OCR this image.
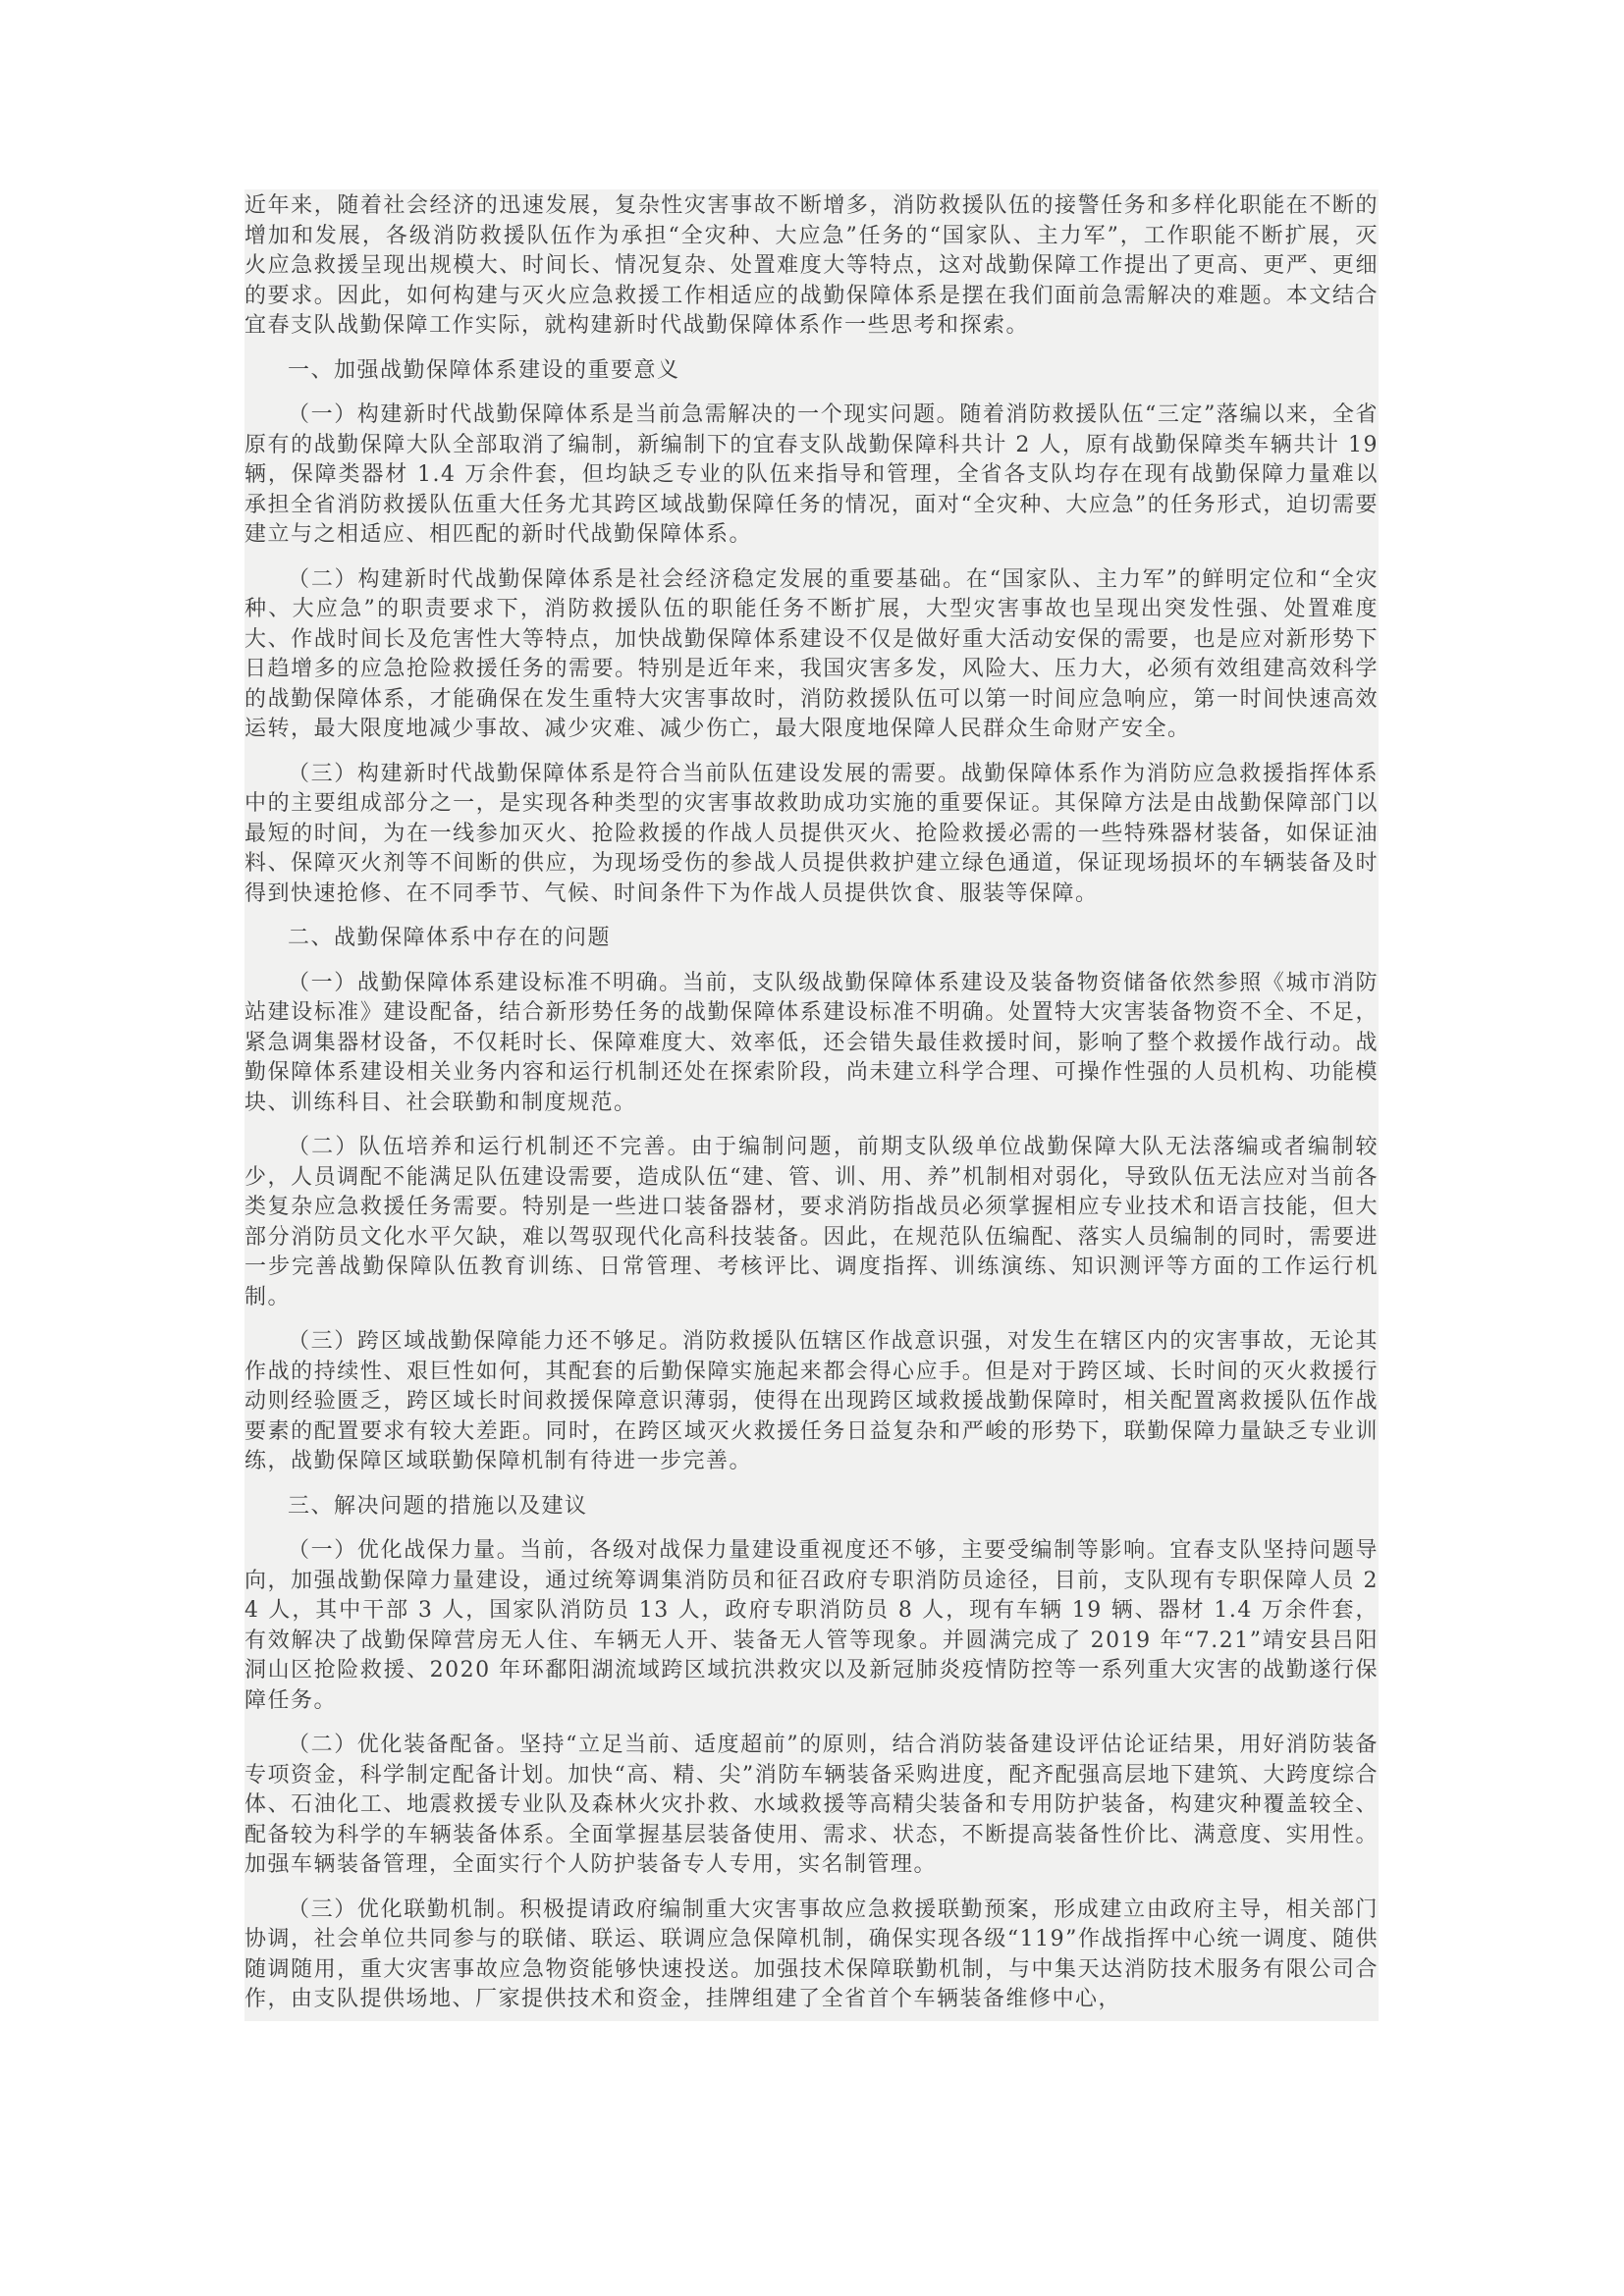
近年来，随着社会经济的迅速发展，复杂性灾害事故不断增多，消防救援队伍的接警任务和多样化职能在不断的增加和发展，各级消防救援队伍作为承担“全灾种、大应急”任务的“国家队、主力军”，工作职能不断扩展，灭火应急救援呈现出规模大、时间长、情况复杂、处置难度大等特点，这对战勤保障工作提出了更高、更严、更细的要求。因此，如何构建与灭火应急救援工作相适应的战勤保障体系是摆在我们面前急需解决的难题。本文结合宜春支队战勤保障工作实际，就构建新时代战勤保障体系作一些思考和探索。

一、加强战勤保障体系建设的重要意义

（一）构建新时代战勤保障体系是当前急需解决的一个现实问题。随着消防救援队伍“三定”落编以来，全省原有的战勤保障大队全部取消了编制，新编制下的宜春支队战勤保障科共计 2 人，原有战勤保障类车辆共计 19 辆，保障类器材 1.4 万余件套，但均缺乏专业的队伍来指导和管理，全省各支队均存在现有战勤保障力量难以承担全省消防救援队伍重大任务尤其跨区域战勤保障任务的情况，面对“全灾种、大应急”的任务形式，迫切需要建立与之相适应、相匹配的新时代战勤保障体系。

（二）构建新时代战勤保障体系是社会经济稳定发展的重要基础。在“国家队、主力军”的鲜明定位和“全灾种、大应急”的职责要求下，消防救援队伍的职能任务不断扩展，大型灾害事故也呈现出突发性强、处置难度大、作战时间长及危害性大等特点，加快战勤保障体系建设不仅是做好重大活动安保的需要，也是应对新形势下日趋增多的应急抢险救援任务的需要。特别是近年来，我国灾害多发，风险大、压力大，必须有效组建高效科学的战勤保障体系，才能确保在发生重特大灾害事故时，消防救援队伍可以第一时间应急响应，第一时间快速高效运转，最大限度地减少事故、减少灾难、减少伤亡，最大限度地保障人民群众生命财产安全。

（三）构建新时代战勤保障体系是符合当前队伍建设发展的需要。战勤保障体系作为消防应急救援指挥体系中的主要组成部分之一，是实现各种类型的灾害事故救助成功实施的重要保证。其保障方法是由战勤保障部门以最短的时间，为在一线参加灭火、抢险救援的作战人员提供灭火、抢险救援必需的一些特殊器材装备，如保证油料、保障灭火剂等不间断的供应，为现场受伤的参战人员提供救护建立绿色通道，保证现场损坏的车辆装备及时得到快速抢修、在不同季节、气候、时间条件下为作战人员提供饮食、服装等保障。

二、战勤保障体系中存在的问题

（一）战勤保障体系建设标准不明确。当前，支队级战勤保障体系建设及装备物资储备依然参照《城市消防站建设标准》建设配备，结合新形势任务的战勤保障体系建设标准不明确。处置特大灾害装备物资不全、不足，紧急调集器材设备，不仅耗时长、保障难度大、效率低，还会错失最佳救援时间，影响了整个救援作战行动。战勤保障体系建设相关业务内容和运行机制还处在探索阶段，尚未建立科学合理、可操作性强的人员机构、功能模块、训练科目、社会联勤和制度规范。

（二）队伍培养和运行机制还不完善。由于编制问题，前期支队级单位战勤保障大队无法落编或者编制较少，人员调配不能满足队伍建设需要，造成队伍“建、管、训、用、养”机制相对弱化，导致队伍无法应对当前各类复杂应急救援任务需要。特别是一些进口装备器材，要求消防指战员必须掌握相应专业技术和语言技能，但大部分消防员文化水平欠缺，难以驾驭现代化高科技装备。因此，在规范队伍编配、落实人员编制的同时，需要进一步完善战勤保障队伍教育训练、日常管理、考核评比、调度指挥、训练演练、知识测评等方面的工作运行机制。

（三）跨区域战勤保障能力还不够足。消防救援队伍辖区作战意识强，对发生在辖区内的灾害事故，无论其作战的持续性、艰巨性如何，其配套的后勤保障实施起来都会得心应手。但是对于跨区域、长时间的灭火救援行动则经验匮乏，跨区域长时间救援保障意识薄弱，使得在出现跨区域救援战勤保障时，相关配置离救援队伍作战要素的配置要求有较大差距。同时，在跨区域灭火救援任务日益复杂和严峻的形势下，联勤保障力量缺乏专业训练，战勤保障区域联勤保障机制有待进一步完善。

三、解决问题的措施以及建议

（一）优化战保力量。当前，各级对战保力量建设重视度还不够，主要受编制等影响。宜春支队坚持问题导向，加强战勤保障力量建设，通过统筹调集消防员和征召政府专职消防员途径，目前，支队现有专职保障人员 24 人，其中干部 3 人，国家队消防员 13 人，政府专职消防员 8 人，现有车辆 19 辆、器材 1.4 万余件套，有效解决了战勤保障营房无人住、车辆无人开、装备无人管等现象。并圆满完成了 2019 年“7.21”靖安县吕阳洞山区抢险救援、2020 年环鄱阳湖流域跨区域抗洪救灾以及新冠肺炎疫情防控等一系列重大灾害的战勤遂行保障任务。

（二）优化装备配备。坚持“立足当前、适度超前”的原则，结合消防装备建设评估论证结果，用好消防装备专项资金，科学制定配备计划。加快“高、精、尖”消防车辆装备采购进度，配齐配强高层地下建筑、大跨度综合体、石油化工、地震救援专业队及森林火灾扑救、水域救援等高精尖装备和专用防护装备，构建灾种覆盖较全、配备较为科学的车辆装备体系。全面掌握基层装备使用、需求、状态，不断提高装备性价比、满意度、实用性。加强车辆装备管理，全面实行个人防护装备专人专用，实名制管理。

（三）优化联勤机制。积极提请政府编制重大灾害事故应急救援联勤预案，形成建立由政府主导，相关部门协调，社会单位共同参与的联储、联运、联调应急保障机制，确保实现各级“119”作战指挥中心统一调度、随供随调随用，重大灾害事故应急物资能够快速投送。加强技术保障联勤机制，与中集天达消防技术服务有限公司合作，由支队提供场地、厂家提供技术和资金，挂牌组建了全省首个车辆装备维修中心，
